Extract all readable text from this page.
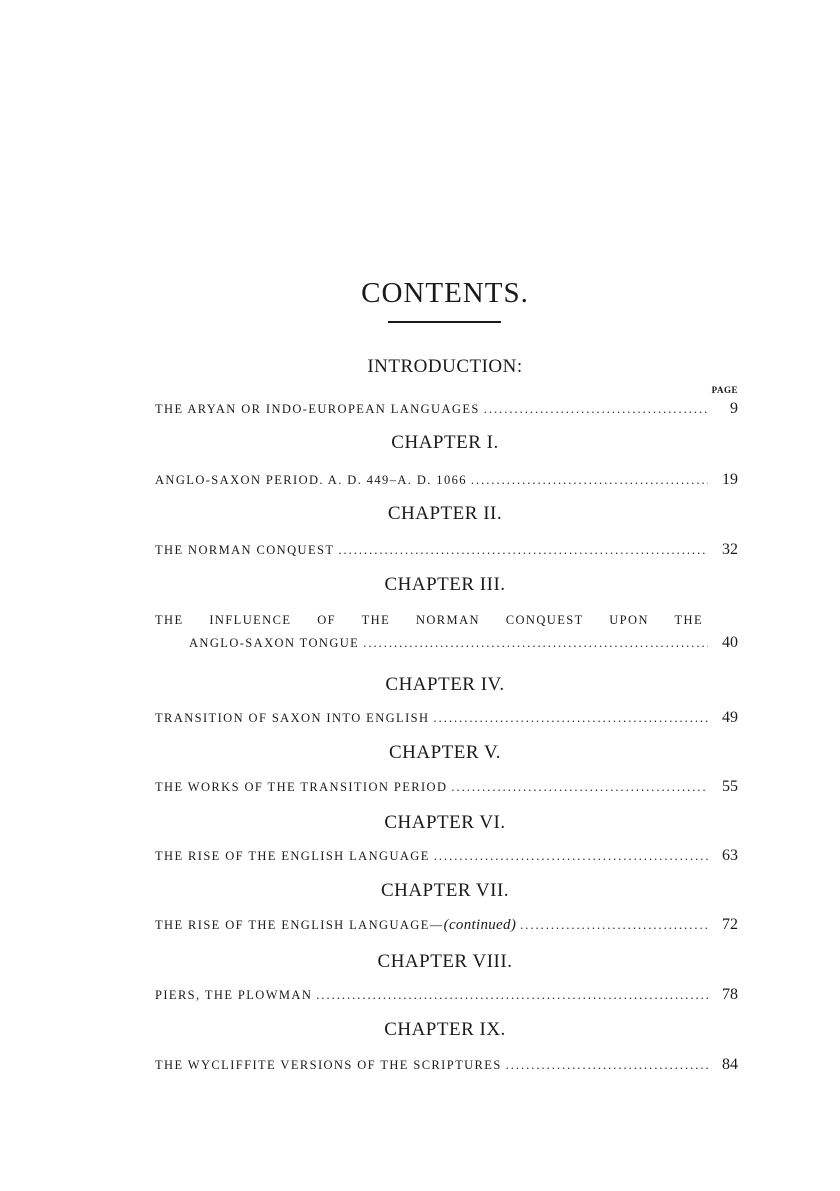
CONTENTS.
INTRODUCTION:
PAGE
THE ARYAN OR INDO-EUROPEAN LANGUAGES .....	9
CHAPTER I.
ANGLO-SAXON PERIOD. A. D. 449–A. D. 1066 .....	19
CHAPTER II.
THE NORMAN CONQUEST .....	32
CHAPTER III.
THE INFLUENCE OF THE NORMAN CONQUEST UPON THE
ANGLO-SAXON TONGUE .....	40
CHAPTER IV.
TRANSITION OF SAXON INTO ENGLISH .....	49
CHAPTER V.
THE WORKS OF THE TRANSITION PERIOD .....	55
CHAPTER VI.
THE RISE OF THE ENGLISH LANGUAGE .....	63
CHAPTER VII.
THE RISE OF THE ENGLISH LANGUAGE—(continued) .....	72
CHAPTER VIII.
PIERS, THE PLOWMAN .....	78
CHAPTER IX.
THE WYCLIFFITE VERSIONS OF THE SCRIPTURES .....	84
